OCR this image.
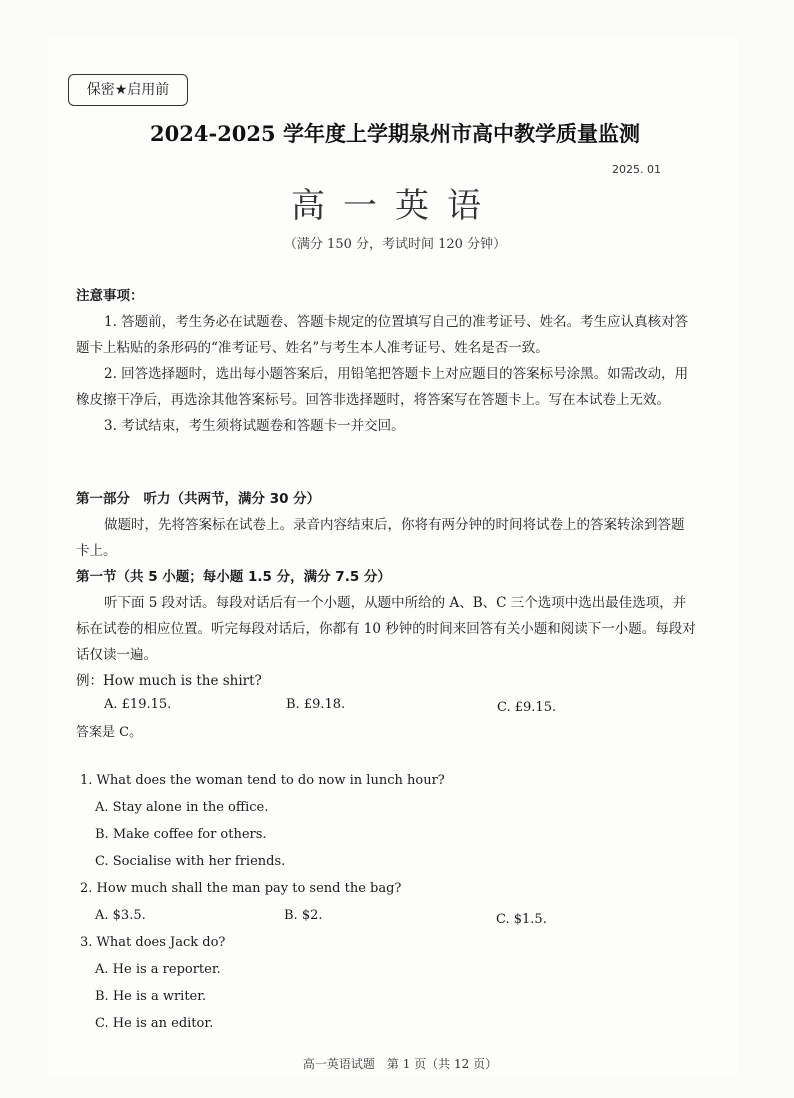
保密★启用前
2024-2025 学年度上学期泉州市高中教学质量监测
2025. 01
高一英语
（满分 150 分，考试时间 120 分钟）
注意事项：
1. 答题前，考生务必在试题卷、答题卡规定的位置填写自己的准考证号、姓名。考生应认真核对答题卡上粘贴的条形码的“准考证号、姓名”与考生本人准考证号、姓名是否一致。
2. 回答选择题时，选出每小题答案后，用铅笔把答题卡上对应题目的答案标号涂黑。如需改动，用橡皮擦干净后，再选涂其他答案标号。回答非选择题时，将答案写在答题卡上。写在本试卷上无效。
3. 考试结束，考生须将试题卷和答题卡一并交回。
第一部分　听力（共两节，满分 30 分）
做题时，先将答案标在试卷上。录音内容结束后，你将有两分钟的时间将试卷上的答案转涂到答题卡上。
第一节（共 5 小题；每小题 1.5 分，满分 7.5 分）
听下面 5 段对话。每段对话后有一个小题，从题中所给的 A、B、C 三个选项中选出最佳选项，并标在试卷的相应位置。听完每段对话后，你都有 10 秒钟的时间来回答有关小题和阅读下一小题。每段对话仅读一遍。
例：How much is the shirt?
A. £19.15.	B. £9.18.	C. £9.15.
答案是 C。
1. What does the woman tend to do now in lunch hour?
A. Stay alone in the office.
B. Make coffee for others.
C. Socialise with her friends.
2. How much shall the man pay to send the bag?
A. $3.5.	B. $2.	C. $1.5.
3. What does Jack do?
A. He is a reporter.
B. He is a writer.
C. He is an editor.
高一英语试题　第 1 页（共 12 页）
